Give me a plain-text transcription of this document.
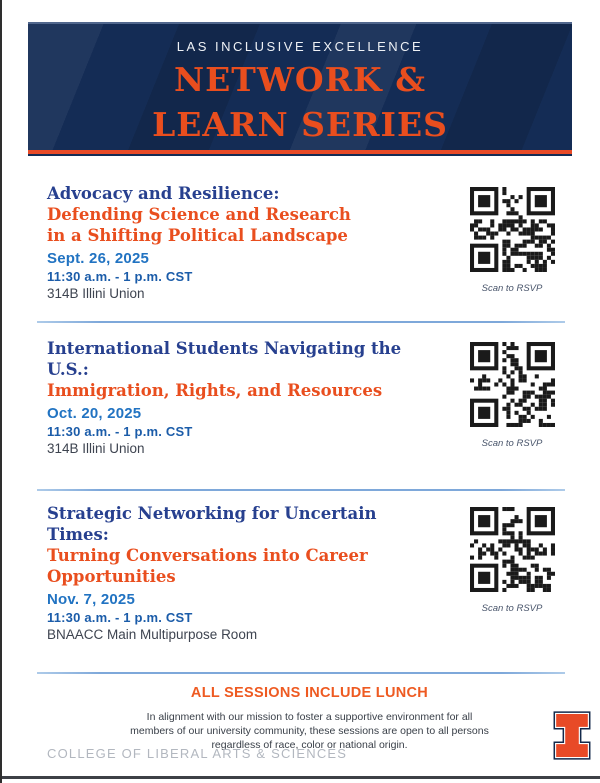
LAS INCLUSIVE EXCELLENCE
NETWORK &
LEARN SERIES
Advocacy and Resilience:
Defending Science and Research
in a Shifting Political Landscape
Sept. 26, 2025
11:30 a.m. - 1 p.m. CST
314B Illini Union	Scan to RSVP
International Students Navigating the U.S.:
Immigration, Rights, and Resources
Oct. 20, 2025
11:30 a.m. - 1 p.m. CST
314B Illini Union	Scan to RSVP
Strategic Networking for Uncertain Times:
Turning Conversations into Career
Opportunities
Nov. 7, 2025
11:30 a.m. - 1 p.m. CST
BNAACC Main Multipurpose Room
Scan to RSVP
ALL SESSIONS INCLUDE LUNCH
In alignment with our mission to foster a supportive environment for all
members of our university community, these sessions are open to all persons
regardless of race, color or national origin.
COLLEGE OF LIBERAL ARTS & SCIENCES
